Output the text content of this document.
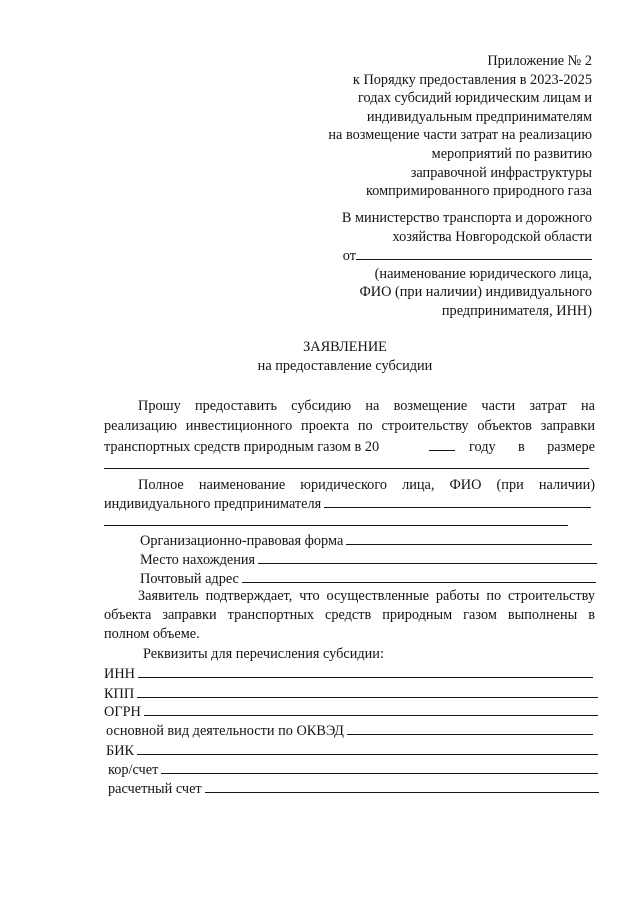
Приложение № 2
к Порядку предоставления в 2023-2025
годах субсидий юридическим лицам и
индивидуальным предпринимателям
на возмещение части затрат на реализацию
мероприятий по развитию
заправочной инфраструктуры
компримированного природного газа
В министерство транспорта и дорожного
хозяйства Новгородской области
от
(наименование юридического лица,
ФИО (при наличии) индивидуального
предпринимателя, ИНН)
ЗАЯВЛЕНИЕ
на предоставление субсидии
Прошу предоставить субсидию на возмещение части затрат на
реализацию инвестиционного проекта по строительству объектов заправки
транспортных средств природным газом в 20	году в размере
Полное наименование юридического лица, ФИО (при наличии)
индивидуального предпринимателя
Организационно-правовая форма
Место нахождения
Почтовый адрес
Заявитель подтверждает, что осуществленные работы по строительству
объекта заправки транспортных средств природным газом выполнены в
полном объеме.
Реквизиты для перечисления субсидии:
ИНН
КПП
ОГРН
основной вид деятельности по ОКВЭД
БИК
кор/счет
расчетный счет
